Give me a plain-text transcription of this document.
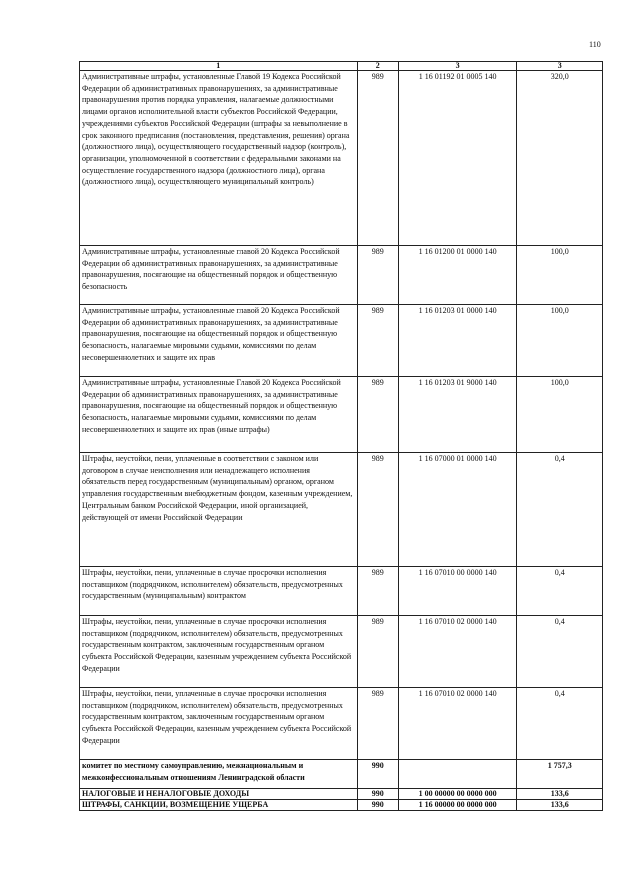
110
1	2	3	3
Административные штрафы, установленные Главой 19 Кодекса Российской Федерации об административных правонарушениях, за административные правонарушения против порядка управления, налагаемые должностными лицами органов исполнительной власти субъектов Российской Федерации, учреждениями субъектов Российской Федерации (штрафы за невыполнение в срок законного предписания (постановления, представления, решения) органа (должностного лица), осуществляющего государственный надзор (контроль), организации, уполномоченной в соответствии с федеральными законами на осуществление государственного надзора (должностного лица), органа (должностного лица), осуществляющего муниципальный контроль)	989	1 16 01192 01 0005 140	320,0
Административные штрафы, установленные главой 20 Кодекса Российской Федерации об административных правонарушениях, за административные правонарушения, посягающие на общественный порядок и общественную безопасность	989	1 16 01200 01 0000 140	100,0
Административные штрафы, установленные главой 20 Кодекса Российской Федерации об административных правонарушениях, за административные правонарушения, посягающие на общественный порядок и общественную безопасность, налагаемые мировыми судьями, комиссиями по делам несовершеннолетних и защите их прав	989	1 16 01203 01 0000 140	100,0
Административные штрафы, установленные Главой 20 Кодекса Российской Федерации об административных правонарушениях, за административные правонарушения, посягающие на общественный порядок и общественную безопасность, налагаемые мировыми судьями, комиссиями по делам несовершеннолетних и защите их прав (иные штрафы)	989	1 16 01203 01 9000 140	100,0
Штрафы, неустойки, пени, уплаченные в соответствии с законом или договором в случае неисполнения или ненадлежащего исполнения обязательств перед государственным (муниципальным) органом, органом управления государственным внебюджетным фондом, казенным учреждением, Центральным банком Российской Федерации, иной организацией, действующей от имени Российской Федерации	989	1 16 07000 01 0000 140	0,4
Штрафы, неустойки, пени, уплаченные в случае просрочки исполнения поставщиком (подрядчиком, исполнителем) обязательств, предусмотренных государственным (муниципальным) контрактом	989	1 16 07010 00 0000 140	0,4
Штрафы, неустойки, пени, уплаченные в случае просрочки исполнения поставщиком (подрядчиком, исполнителем) обязательств, предусмотренных государственным контрактом, заключенным государственным органом субъекта Российской Федерации, казенным учреждением субъекта Российской Федерации	989	1 16 07010 02 0000 140	0,4
Штрафы, неустойки, пени, уплаченные в случае просрочки исполнения поставщиком (подрядчиком, исполнителем) обязательств, предусмотренных государственным контрактом, заключенным государственным органом субъекта Российской Федерации, казенным учреждением субъекта Российской Федерации	989	1 16 07010 02 0000 140	0,4
комитет по местному самоуправлению, межнациональным и межконфессиональным отношениям Ленинградской области	990		1 757,3
НАЛОГОВЫЕ И НЕНАЛОГОВЫЕ ДОХОДЫ	990	1 00 00000 00 0000 000	133,6
ШТРАФЫ, САНКЦИИ, ВОЗМЕЩЕНИЕ УЩЕРБА	990	1 16 00000 00 0000 000	133,6
